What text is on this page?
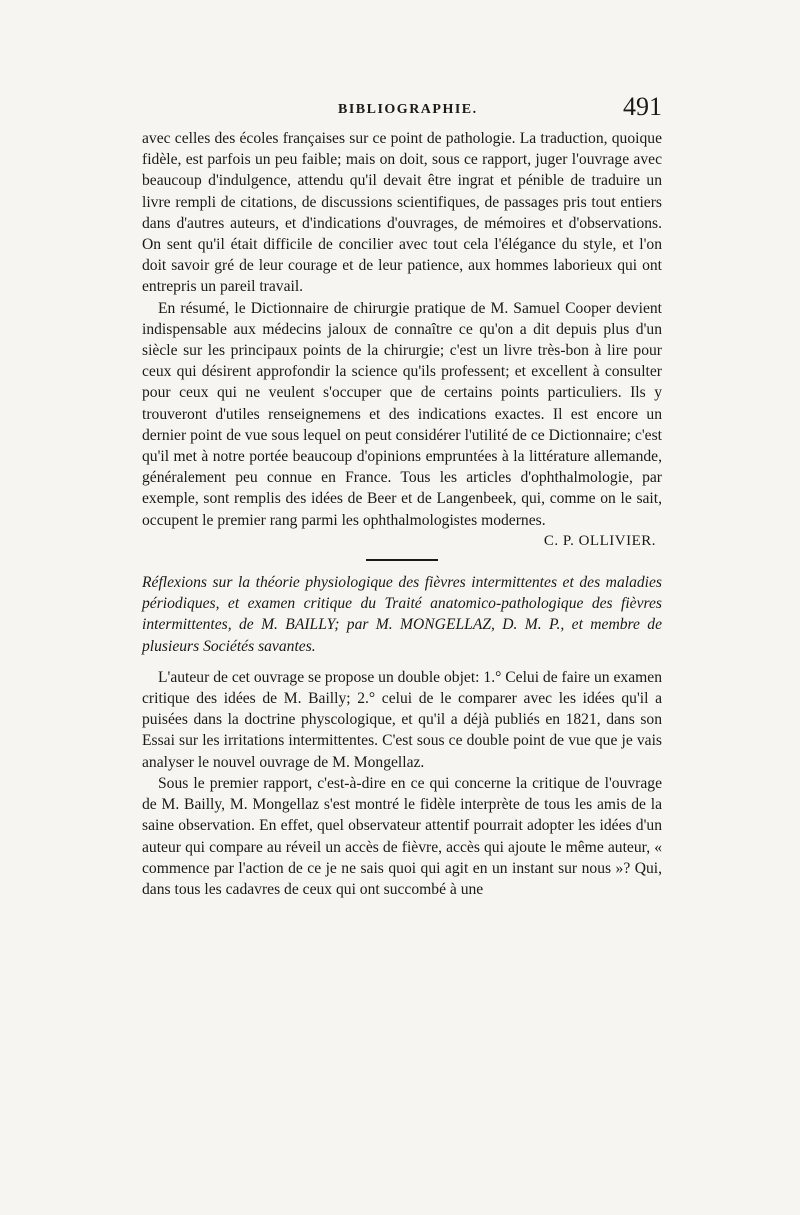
BIBLIOGRAPHIE.	491

avec celles des écoles françaises sur ce point de pathologie. La traduction, quoique fidèle, est parfois un peu faible; mais on doit, sous ce rapport, juger l'ouvrage avec beaucoup d'indulgence, attendu qu'il devait être ingrat et pénible de traduire un livre rempli de citations, de discussions scientifiques, de passages pris tout entiers dans d'autres auteurs, et d'indications d'ouvrages, de mémoires et d'observations. On sent qu'il était difficile de concilier avec tout cela l'élégance du style, et l'on doit savoir gré de leur courage et de leur patience, aux hommes laborieux qui ont entrepris un pareil travail.

En résumé, le Dictionnaire de chirurgie pratique de M. Samuel Cooper devient indispensable aux médecins jaloux de connaître ce qu'on a dit depuis plus d'un siècle sur les principaux points de la chirurgie; c'est un livre très-bon à lire pour ceux qui désirent approfondir la science qu'ils professent; et excellent à consulter pour ceux qui ne veulent s'occuper que de certains points particuliers. Ils y trouveront d'utiles renseignemens et des indications exactes. Il est encore un dernier point de vue sous lequel on peut considérer l'utilité de ce Dictionnaire; c'est qu'il met à notre portée beaucoup d'opinions empruntées à la littérature allemande, généralement peu connue en France. Tous les articles d'ophthalmologie, par exemple, sont remplis des idées de Beer et de Langenbeek, qui, comme on le sait, occupent le premier rang parmi les ophthalmologistes modernes.

C. P. OLLIVIER.

Réflexions sur la théorie physiologique des fièvres intermittentes et des maladies périodiques, et examen critique du Traité anatomico-pathologique des fièvres intermittentes, de M. BAILLY; par M. MONGELLAZ, D. M. P., et membre de plusieurs Sociétés savantes.

L'auteur de cet ouvrage se propose un double objet: 1.° Celui de faire un examen critique des idées de M. Bailly; 2.° celui de le comparer avec les idées qu'il a puisées dans la doctrine physcologique, et qu'il a déjà publiés en 1821, dans son Essai sur les irritations intermittentes. C'est sous ce double point de vue que je vais analyser le nouvel ouvrage de M. Mongellaz.

Sous le premier rapport, c'est-à-dire en ce qui concerne la critique de l'ouvrage de M. Bailly, M. Mongellaz s'est montré le fidèle interprète de tous les amis de la saine observation. En effet, quel observateur attentif pourrait adopter les idées d'un auteur qui compare au réveil un accès de fièvre, accès qui ajoute le même auteur, « commence par l'action de ce je ne sais quoi qui agit en un instant sur nous »? Qui, dans tous les cadavres de ceux qui ont succombé à une
